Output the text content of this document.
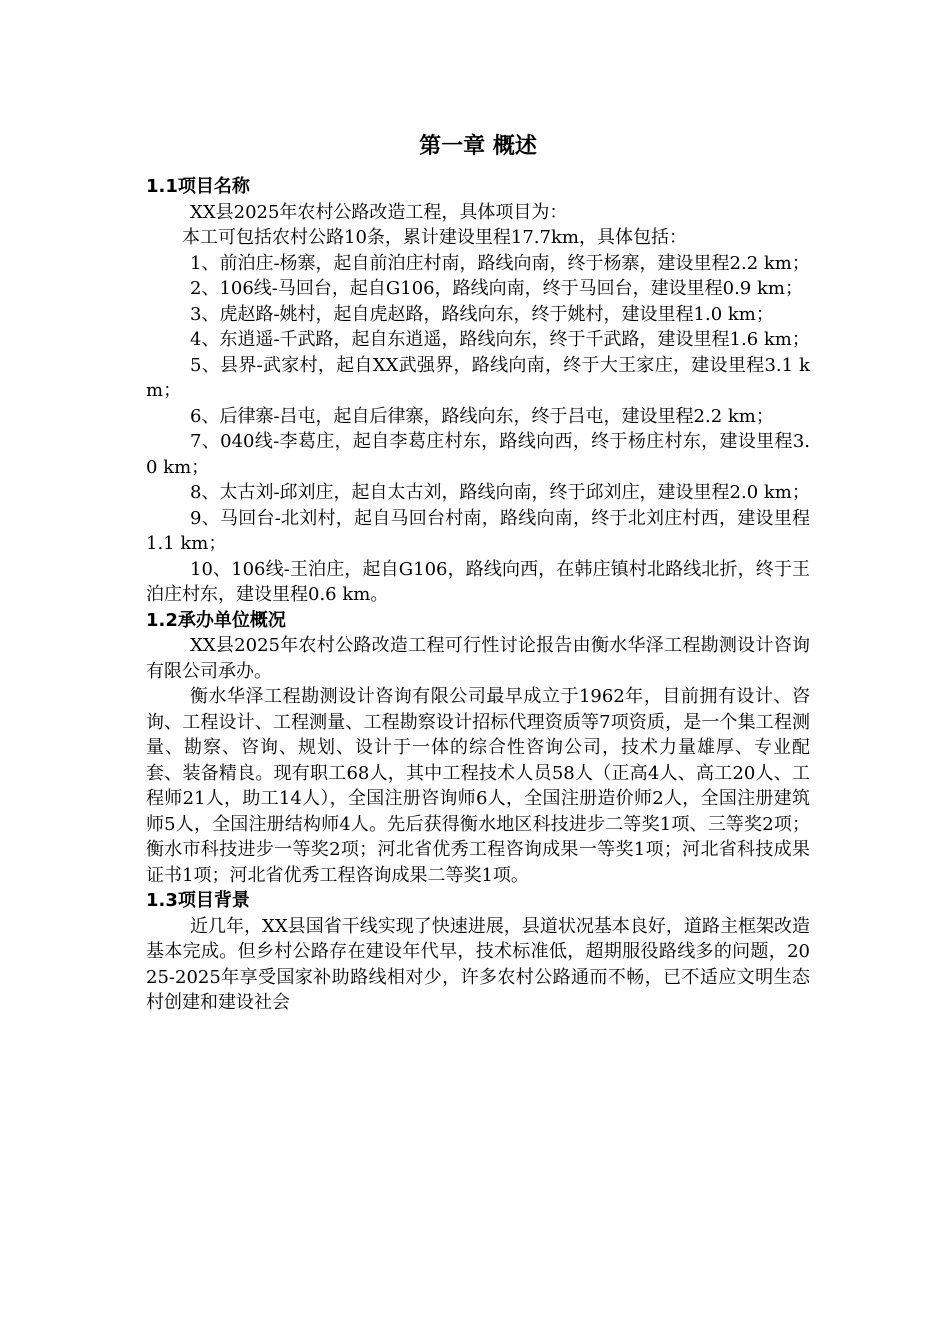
第一章 概述
1.1项目名称

XX县2025年农村公路改造工程，具体项目为：

本工可包括农村公路10条，累计建设里程17.7km，具体包括：

1、前泊庄-杨寨，起自前泊庄村南，路线向南，终于杨寨，建设里程2.2 km；

2、106线-马回台，起自G106，路线向南，终于马回台，建设里程0.9 km；

3、虎赵路-姚村，起自虎赵路，路线向东，终于姚村，建设里程1.0 km；

4、东逍遥-千武路，起自东逍遥，路线向东，终于千武路，建设里程1.6 km；

5、县界-武家村，起自XX武强界，路线向南，终于大王家庄，建设里程3.1 km；

6、后律寨-吕屯，起自后律寨，路线向东，终于吕屯，建设里程2.2 km；

7、040线-李葛庄，起自李葛庄村东，路线向西，终于杨庄村东，建设里程3.0 km；

8、太古刘-邱刘庄，起自太古刘，路线向南，终于邱刘庄，建设里程2.0 km；

9、马回台-北刘村，起自马回台村南，路线向南，终于北刘庄村西，建设里程1.1 km；

10、106线-王泊庄，起自G106，路线向西，在韩庄镇村北路线北折，终于王泊庄村东，建设里程0.6 km。

1.2承办单位概况

XX县2025年农村公路改造工程可行性讨论报告由衡水华泽工程勘测设计咨询有限公司承办。

衡水华泽工程勘测设计咨询有限公司最早成立于1962年，目前拥有设计、咨询、工程设计、工程测量、工程勘察设计招标代理资质等7项资质，是一个集工程测量、勘察、咨询、规划、设计于一体的综合性咨询公司，技术力量雄厚、专业配套、装备精良。现有职工68人，其中工程技术人员58人（正高4人、高工20人、工程师21人，助工14人），全国注册咨询师6人，全国注册造价师2人，全国注册建筑师5人，全国注册结构师4人。先后获得衡水地区科技进步二等奖1项、三等奖2项；衡水市科技进步一等奖2项；河北省优秀工程咨询成果一等奖1项；河北省科技成果证书1项；河北省优秀工程咨询成果二等奖1项。

1.3项目背景

近几年，XX县国省干线实现了快速进展，县道状况基本良好，道路主框架改造基本完成。但乡村公路存在建设年代早，技术标准低，超期服役路线多的问题，2025-2025年享受国家补助路线相对少，许多农村公路通而不畅，已不适应文明生态村创建和建设社会
